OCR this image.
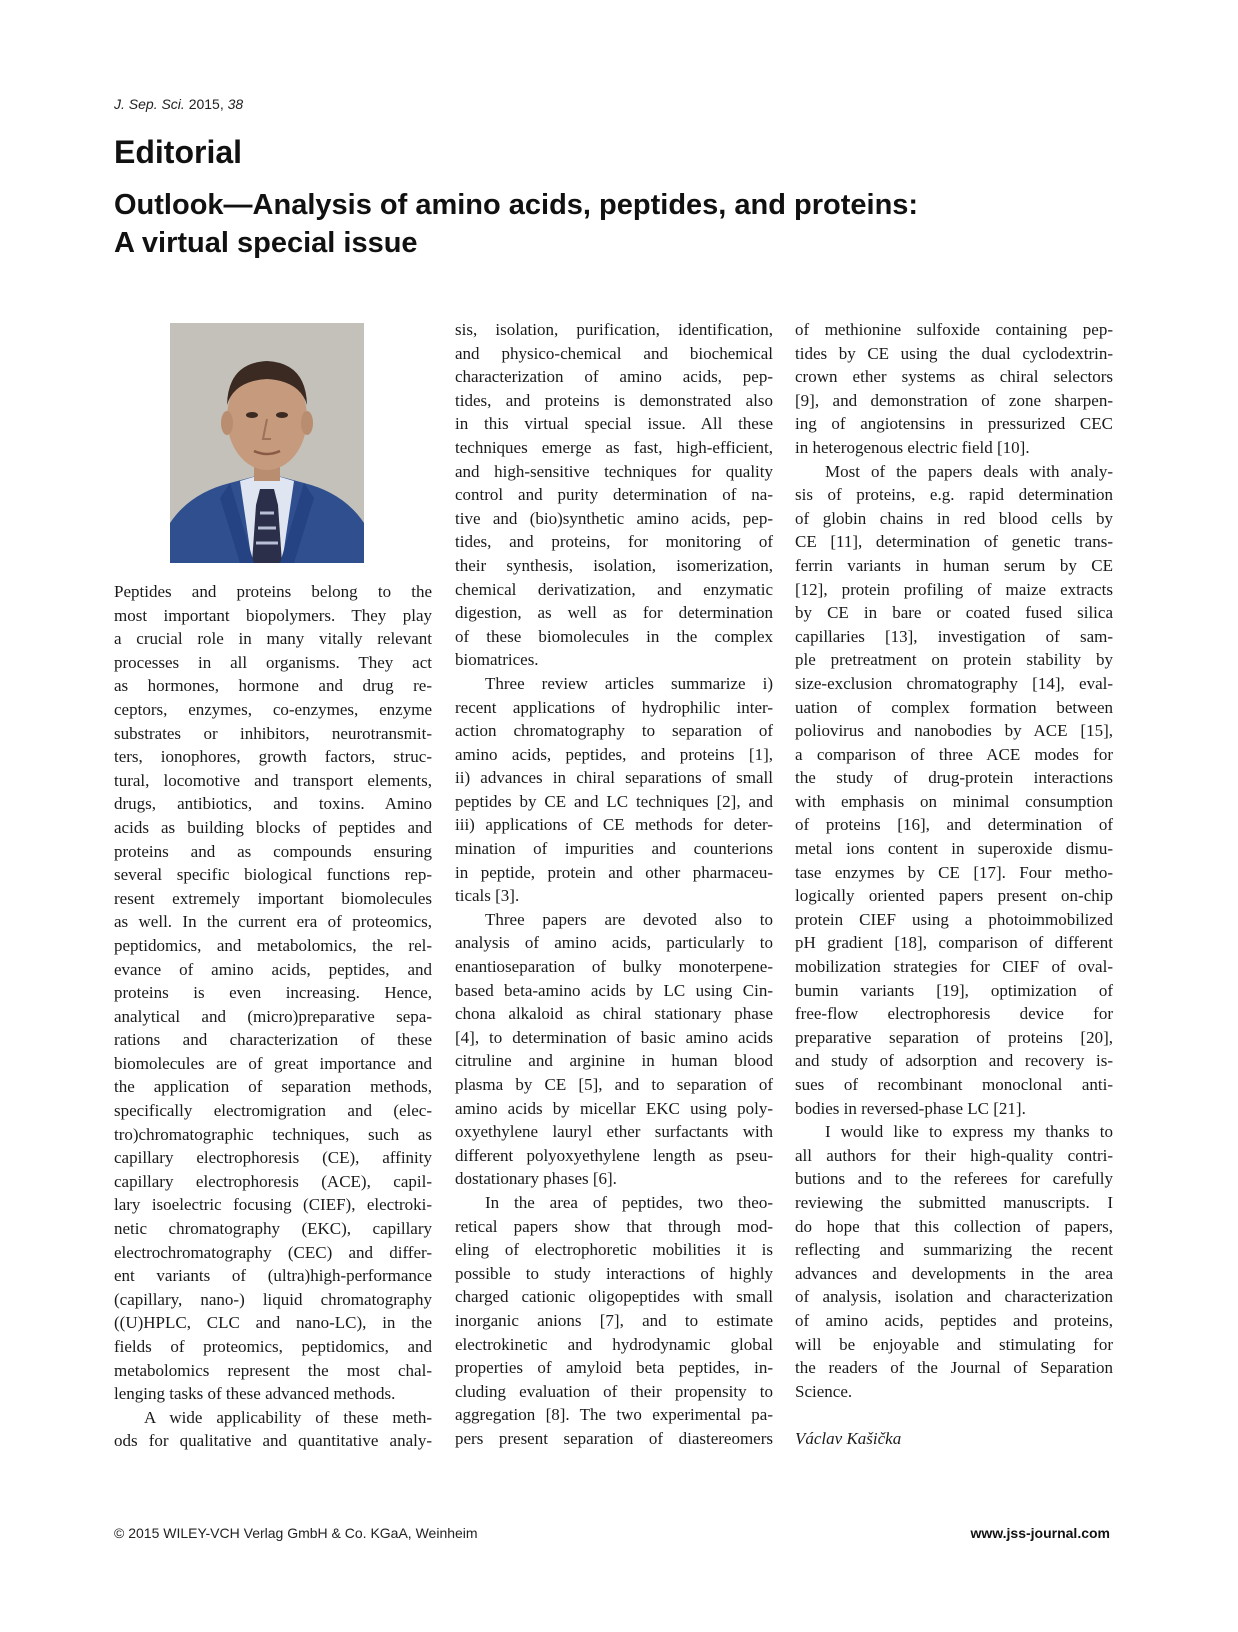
J. Sep. Sci. 2015, 38
Editorial
Outlook—Analysis of amino acids, peptides, and proteins:
A virtual special issue
Peptides and proteins belong to the
most important biopolymers. They play
a crucial role in many vitally relevant
processes in all organisms. They act
as hormones, hormone and drug re-
ceptors, enzymes, co-enzymes, enzyme
substrates or inhibitors, neurotransmit-
ters, ionophores, growth factors, struc-
tural, locomotive and transport elements,
drugs, antibiotics, and toxins. Amino
acids as building blocks of peptides and
proteins and as compounds ensuring
several specific biological functions rep-
resent extremely important biomolecules
as well. In the current era of proteomics,
peptidomics, and metabolomics, the rel-
evance of amino acids, peptides, and
proteins is even increasing. Hence,
analytical and (micro)preparative sepa-
rations and characterization of these
biomolecules are of great importance and
the application of separation methods,
specifically electromigration and (elec-
tro)chromatographic techniques, such as
capillary electrophoresis (CE), affinity
capillary electrophoresis (ACE), capil-
lary isoelectric focusing (CIEF), electroki-
netic chromatography (EKC), capillary
electrochromatography (CEC) and differ-
ent variants of (ultra)high-performance
(capillary, nano-) liquid chromatography
((U)HPLC, CLC and nano-LC), in the
fields of proteomics, peptidomics, and
metabolomics represent the most chal-
lenging tasks of these advanced methods.
A wide applicability of these meth-
ods for qualitative and quantitative analy-
sis, isolation, purification, identification,
and physico-chemical and biochemical
characterization of amino acids, pep-
tides, and proteins is demonstrated also
in this virtual special issue. All these
techniques emerge as fast, high-efficient,
and high-sensitive techniques for quality
control and purity determination of na-
tive and (bio)synthetic amino acids, pep-
tides, and proteins, for monitoring of
their synthesis, isolation, isomerization,
chemical derivatization, and enzymatic
digestion, as well as for determination
of these biomolecules in the complex
biomatrices.
Three review articles summarize i)
recent applications of hydrophilic inter-
action chromatography to separation of
amino acids, peptides, and proteins [1],
ii) advances in chiral separations of small
peptides by CE and LC techniques [2], and
iii) applications of CE methods for deter-
mination of impurities and counterions
in peptide, protein and other pharmaceu-
ticals [3].
Three papers are devoted also to
analysis of amino acids, particularly to
enantioseparation of bulky monoterpene-
based beta-amino acids by LC using Cin-
chona alkaloid as chiral stationary phase
[4], to determination of basic amino acids
citruline and arginine in human blood
plasma by CE [5], and to separation of
amino acids by micellar EKC using poly-
oxyethylene lauryl ether surfactants with
different polyoxyethylene length as pseu-
dostationary phases [6].
In the area of peptides, two theo-
retical papers show that through mod-
eling of electrophoretic mobilities it is
possible to study interactions of highly
charged cationic oligopeptides with small
inorganic anions [7], and to estimate
electrokinetic and hydrodynamic global
properties of amyloid beta peptides, in-
cluding evaluation of their propensity to
aggregation [8]. The two experimental pa-
pers present separation of diastereomers
of methionine sulfoxide containing pep-
tides by CE using the dual cyclodextrin-
crown ether systems as chiral selectors
[9], and demonstration of zone sharpen-
ing of angiotensins in pressurized CEC
in heterogenous electric field [10].
Most of the papers deals with analy-
sis of proteins, e.g. rapid determination
of globin chains in red blood cells by
CE [11], determination of genetic trans-
ferrin variants in human serum by CE
[12], protein profiling of maize extracts
by CE in bare or coated fused silica
capillaries [13], investigation of sam-
ple pretreatment on protein stability by
size-exclusion chromatography [14], eval-
uation of complex formation between
poliovirus and nanobodies by ACE [15],
a comparison of three ACE modes for
the study of drug-protein interactions
with emphasis on minimal consumption
of proteins [16], and determination of
metal ions content in superoxide dismu-
tase enzymes by CE [17]. Four metho-
logically oriented papers present on-chip
protein CIEF using a photoimmobilized
pH gradient [18], comparison of different
mobilization strategies for CIEF of oval-
bumin variants [19], optimization of
free-flow electrophoresis device for
preparative separation of proteins [20],
and study of adsorption and recovery is-
sues of recombinant monoclonal anti-
bodies in reversed-phase LC [21].
I would like to express my thanks to
all authors for their high-quality contri-
butions and to the referees for carefully
reviewing the submitted manuscripts. I
do hope that this collection of papers,
reflecting and summarizing the recent
advances and developments in the area
of analysis, isolation and characterization
of amino acids, peptides and proteins,
will be enjoyable and stimulating for
the readers of the Journal of Separation
Science.
Václav Kašička
© 2015 WILEY-VCH Verlag GmbH & Co. KGaA, Weinheim	www.jss-journal.com
